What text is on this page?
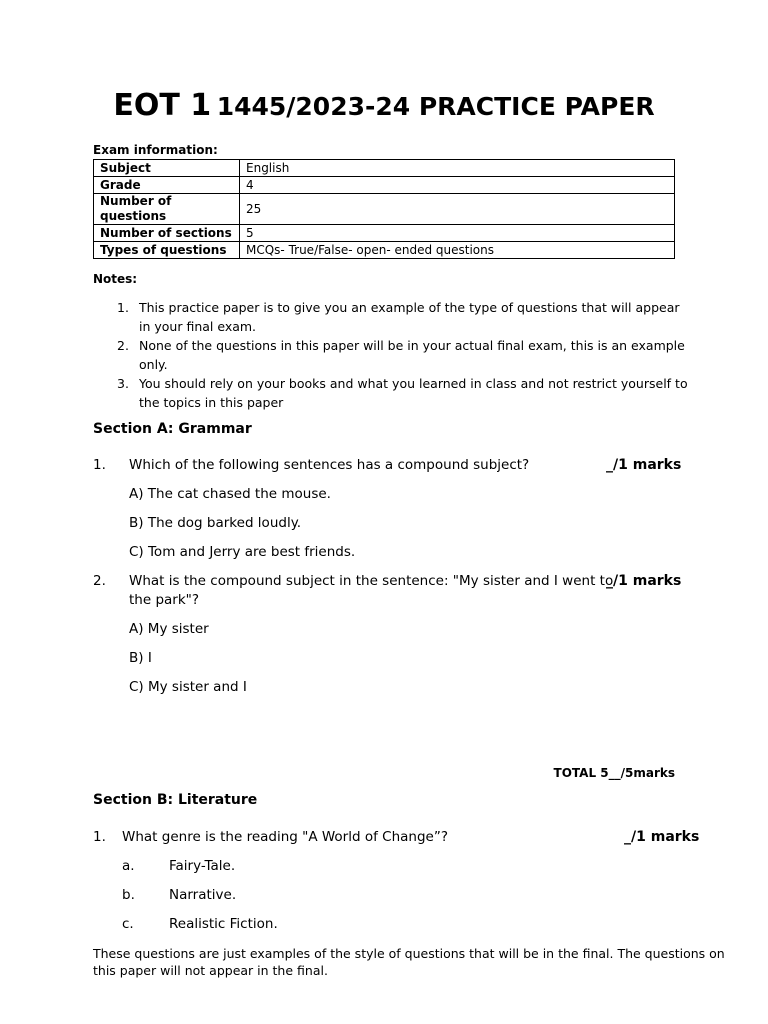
EOT 1 1445/2023-24 PRACTICE PAPER
Exam information:
Subject	English
Grade	4
Number of questions	25
Number of sections	5
Types of questions	MCQs- True/False- open- ended questions
Notes:
1. This practice paper is to give you an example of the type of questions that will appear in your final exam.
2. None of the questions in this paper will be in your actual final exam, this is an example only.
3. You should rely on your books and what you learned in class and not restrict yourself to the topics in this paper
Section A: Grammar
1. Which of the following sentences has a compound subject?	_/1 marks
A) The cat chased the mouse.
B) The dog barked loudly.
C) Tom and Jerry are best friends.
2. What is the compound subject in the sentence: "My sister and I went to
the park"?
_/1 marks
A) My sister
B) I
C) My sister and I
TOTAL 5__/5marks
Section B: Literature
1. What genre is the reading "A World of Change”?	_/1 marks
a.	Fairy-Tale.
b.	Narrative.
c.	Realistic Fiction.
These questions are just examples of the style of questions that will be in the final. The questions on
this paper will not appear in the final.
